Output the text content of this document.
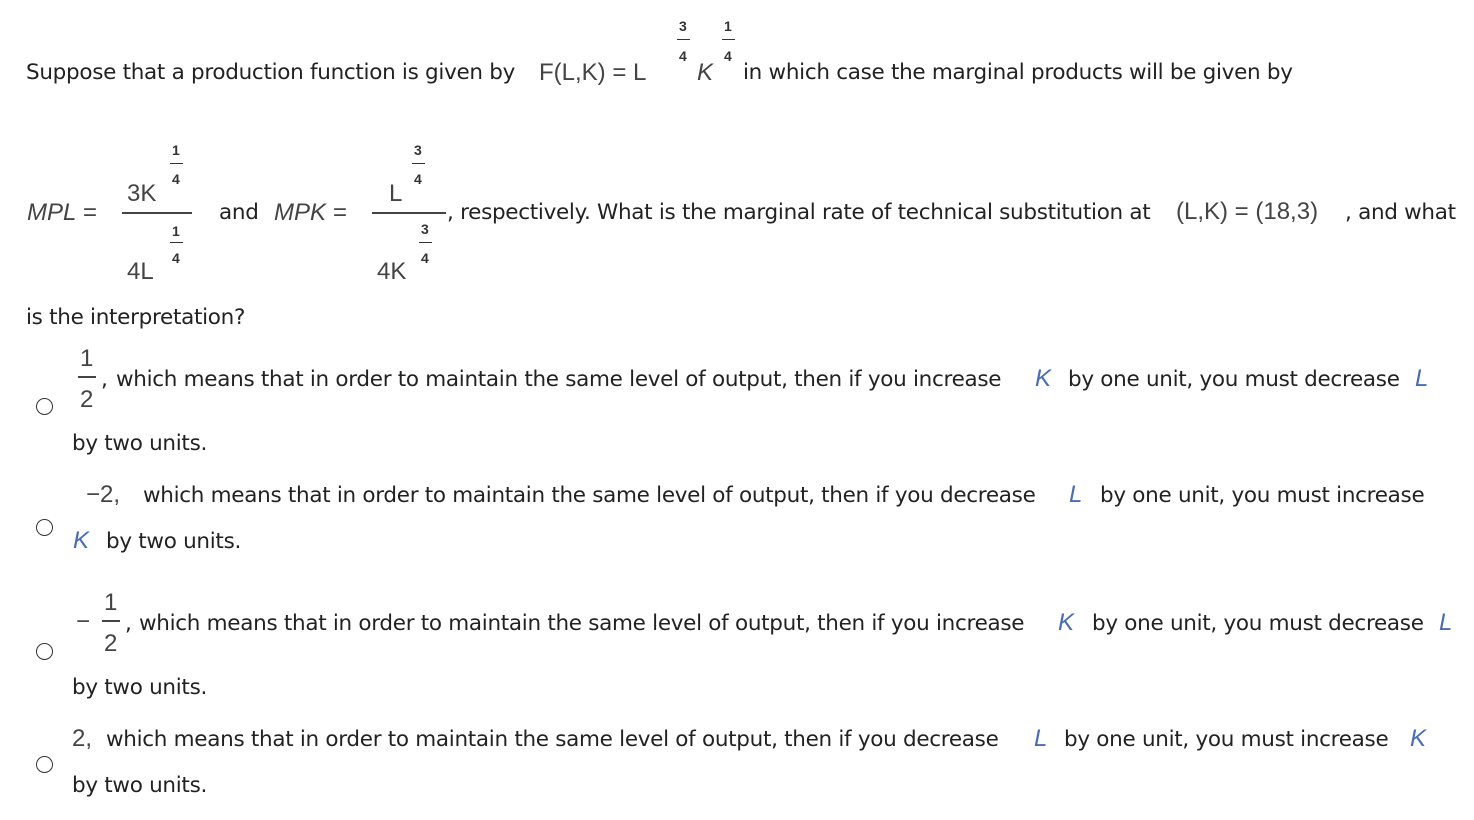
Suppose that a production function is given by F(L,K) = L
3
4
K
1
4
in which case the marginal products will be given by
MPL =
3K
1
4
1
4L 4
and MPK =
L
3
4
3
4K 4
, respectively. What is the marginal rate of technical substitution at (L,K) = (18,3) , and what
is the interpretation?
1
2
, which means that in order to maintain the same level of output, then if you increase K by one unit, you must decrease L
by two units.
−2, which means that in order to maintain the same level of output, then if you decrease L by one unit, you must increase
K by two units.
−
1
2
, which means that in order to maintain the same level of output, then if you increase K by one unit, you must decrease L
by two units.
2, which means that in order to maintain the same level of output, then if you decrease L by one unit, you must increase K
by two units.
